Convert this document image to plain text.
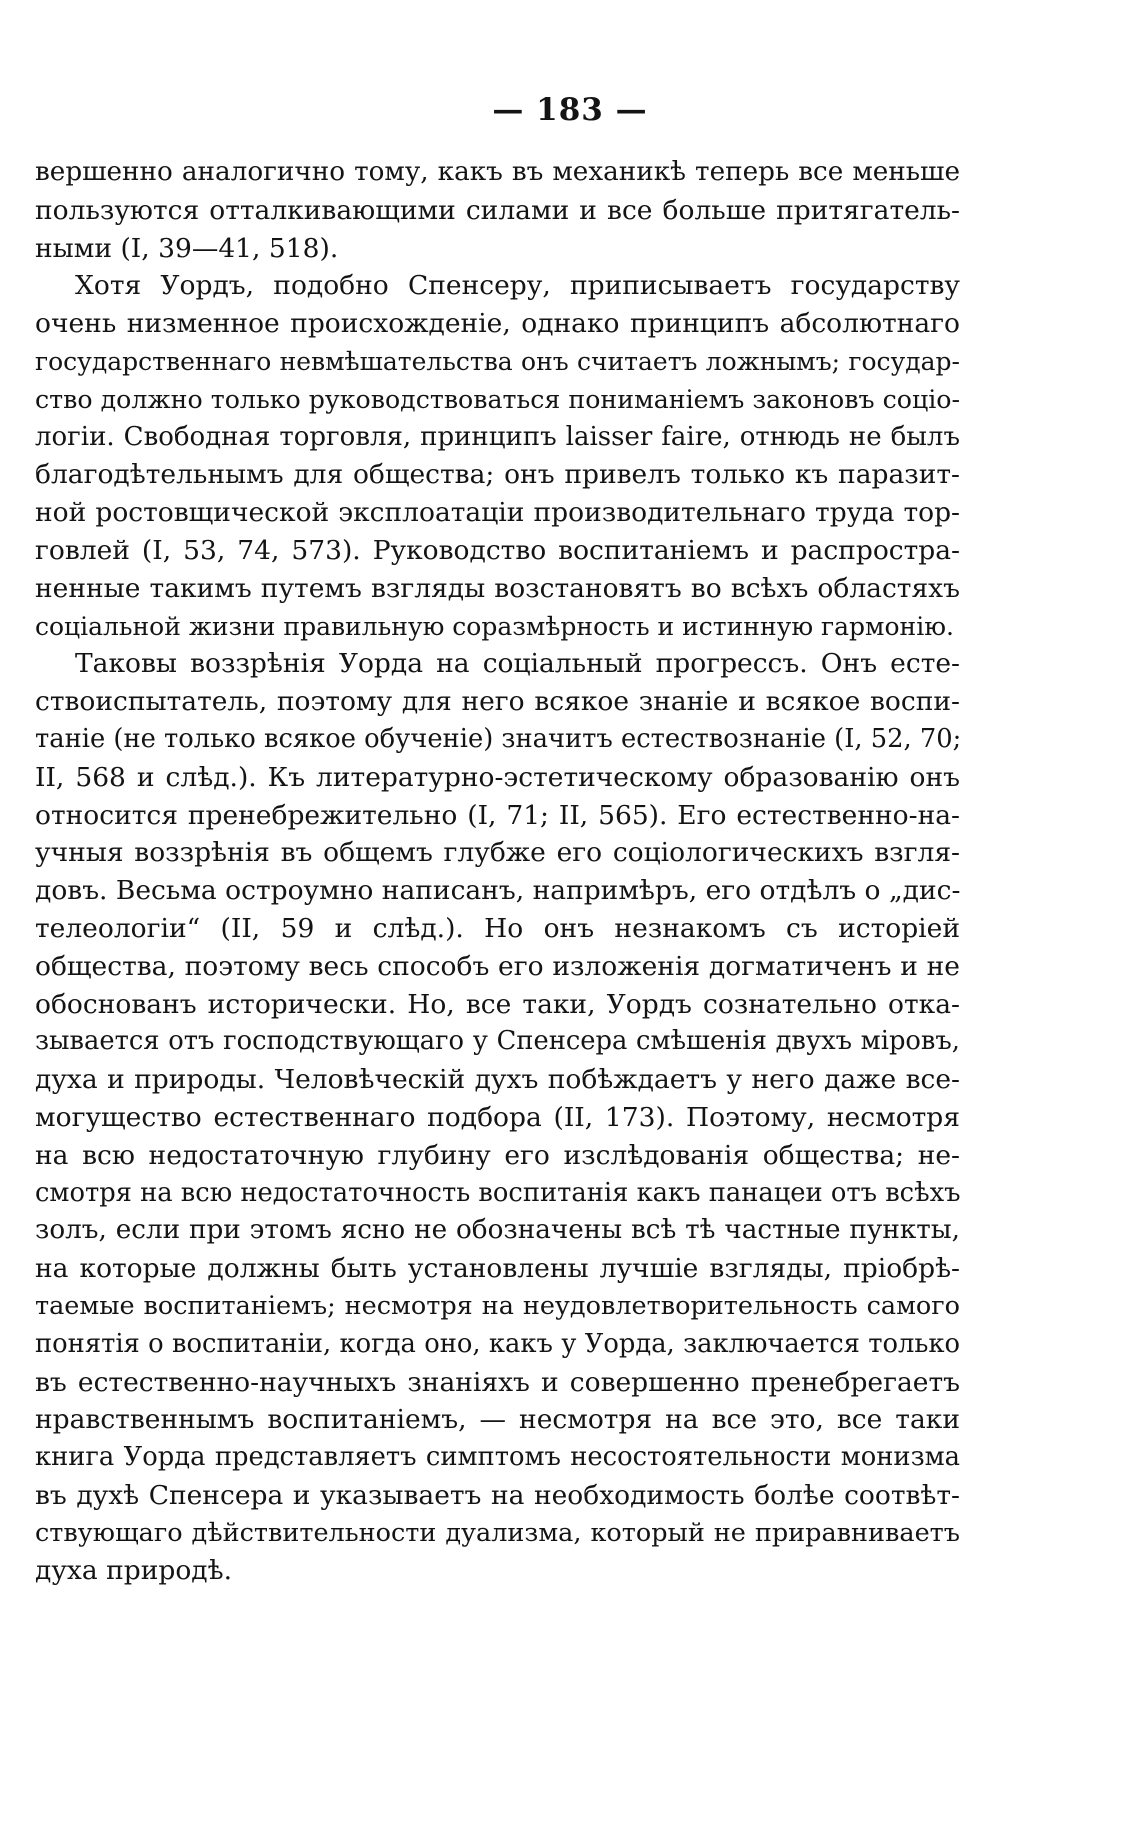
— 183 —
вершенно аналогично тому, какъ въ механикѣ теперь все меньше
пользуются отталкивающими силами и все больше притягатель-
ными (I, 39—41, 518).
Хотя Уордъ, подобно Спенсеру, приписываетъ государству
очень низменное происхожденіе, однако принципъ абсолютнаго
государственнаго невмѣшательства онъ считаетъ ложнымъ; государ-
ство должно только руководствоваться пониманіемъ законовъ соціо-
логіи. Свободная торговля, принципъ laisser faire, отнюдь не былъ
благодѣтельнымъ для общества; онъ привелъ только къ паразит-
ной ростовщической эксплоатаціи производительнаго труда тор-
говлей (I, 53, 74, 573). Руководство воспитаніемъ и распростра-
ненные такимъ путемъ взгляды возстановятъ во всѣхъ областяхъ
соціальной жизни правильную соразмѣрность и истинную гармонію.
Таковы воззрѣнія Уорда на соціальный прогрессъ. Онъ есте-
ствоиспытатель, поэтому для него всякое знаніе и всякое воспи-
таніе (не только всякое обученіе) значитъ естествознаніе (I, 52, 70;
II, 568 и слѣд.). Къ литературно-эстетическому образованію онъ
относится пренебрежительно (I, 71; II, 565). Его естественно-на-
учныя воззрѣнія въ общемъ глубже его соціологическихъ взгля-
довъ. Весьма остроумно написанъ, напримѣръ, его отдѣлъ о „дис-
телеологіи“ (II, 59 и слѣд.). Но онъ незнакомъ съ исторіей
общества, поэтому весь способъ его изложенія догматиченъ и не
обоснованъ исторически. Но, все таки, Уордъ сознательно отка-
зывается отъ господствующаго у Спенсера смѣшенія двухъ міровъ,
духа и природы. Человѣческій духъ побѣждаетъ у него даже все-
могущество естественнаго подбора (II, 173). Поэтому, несмотря
на всю недостаточную глубину его изслѣдованія общества; не-
смотря на всю недостаточность воспитанія какъ панацеи отъ всѣхъ
золъ, если при этомъ ясно не обозначены всѣ тѣ частные пункты,
на которые должны быть установлены лучшіе взгляды, пріобрѣ-
таемые воспитаніемъ; несмотря на неудовлетворительность самого
понятія о воспитаніи, когда оно, какъ у Уорда, заключается только
въ естественно-научныхъ знаніяхъ и совершенно пренебрегаетъ
нравственнымъ воспитаніемъ, — несмотря на все это, все таки
книга Уорда представляетъ симптомъ несостоятельности монизма
въ духѣ Спенсера и указываетъ на необходимость болѣе соотвѣт-
ствующаго дѣйствительности дуализма, который не приравниваетъ
духа природѣ.
